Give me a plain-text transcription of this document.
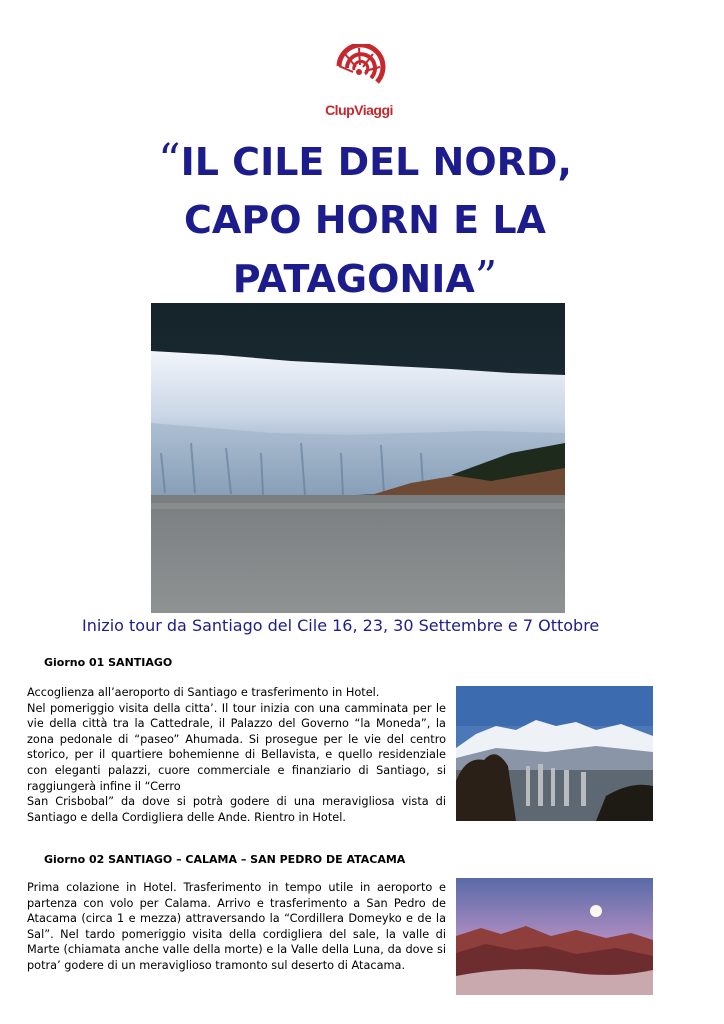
ClupViaggi
“IL CILE DEL NORD,
CAPO HORN E LA
PATAGONIA”
Inizio tour da Santiago del Cile 16, 23, 30 Settembre e 7 Ottobre
Giorno 01 SANTIAGO

Accoglienza all’aeroporto di Santiago e trasferimento in Hotel.
Nel pomeriggio visita della citta’. Il tour inizia con una camminata per le vie della città tra la Cattedrale, il Palazzo del Governo “la Moneda”, la zona pedonale di “paseo” Ahumada. Si prosegue per le vie del centro storico, per il quartiere bohemienne di Bellavista, e quello residenziale con eleganti palazzi, cuore commerciale e finanziario di Santiago, si raggiungerà infine il “Cerro
San Crisbobal” da dove si potrà godere di una meravigliosa vista di Santiago e della Cordigliera delle Ande. Rientro in Hotel.

Giorno 02 SANTIAGO – CALAMA – SAN PEDRO DE ATACAMA

Prima colazione in Hotel. Trasferimento in tempo utile in aeroporto e partenza con volo per Calama. Arrivo e trasferimento a San Pedro de Atacama (circa 1 e mezza) attraversando la “Cordillera Domeyko e de la Sal”. Nel tardo pomeriggio visita della cordigliera del sale, la valle di Marte (chiamata anche valle della morte) e la Valle della Luna, da dove si potra’ godere di un meraviglioso tramonto sul deserto di Atacama.
